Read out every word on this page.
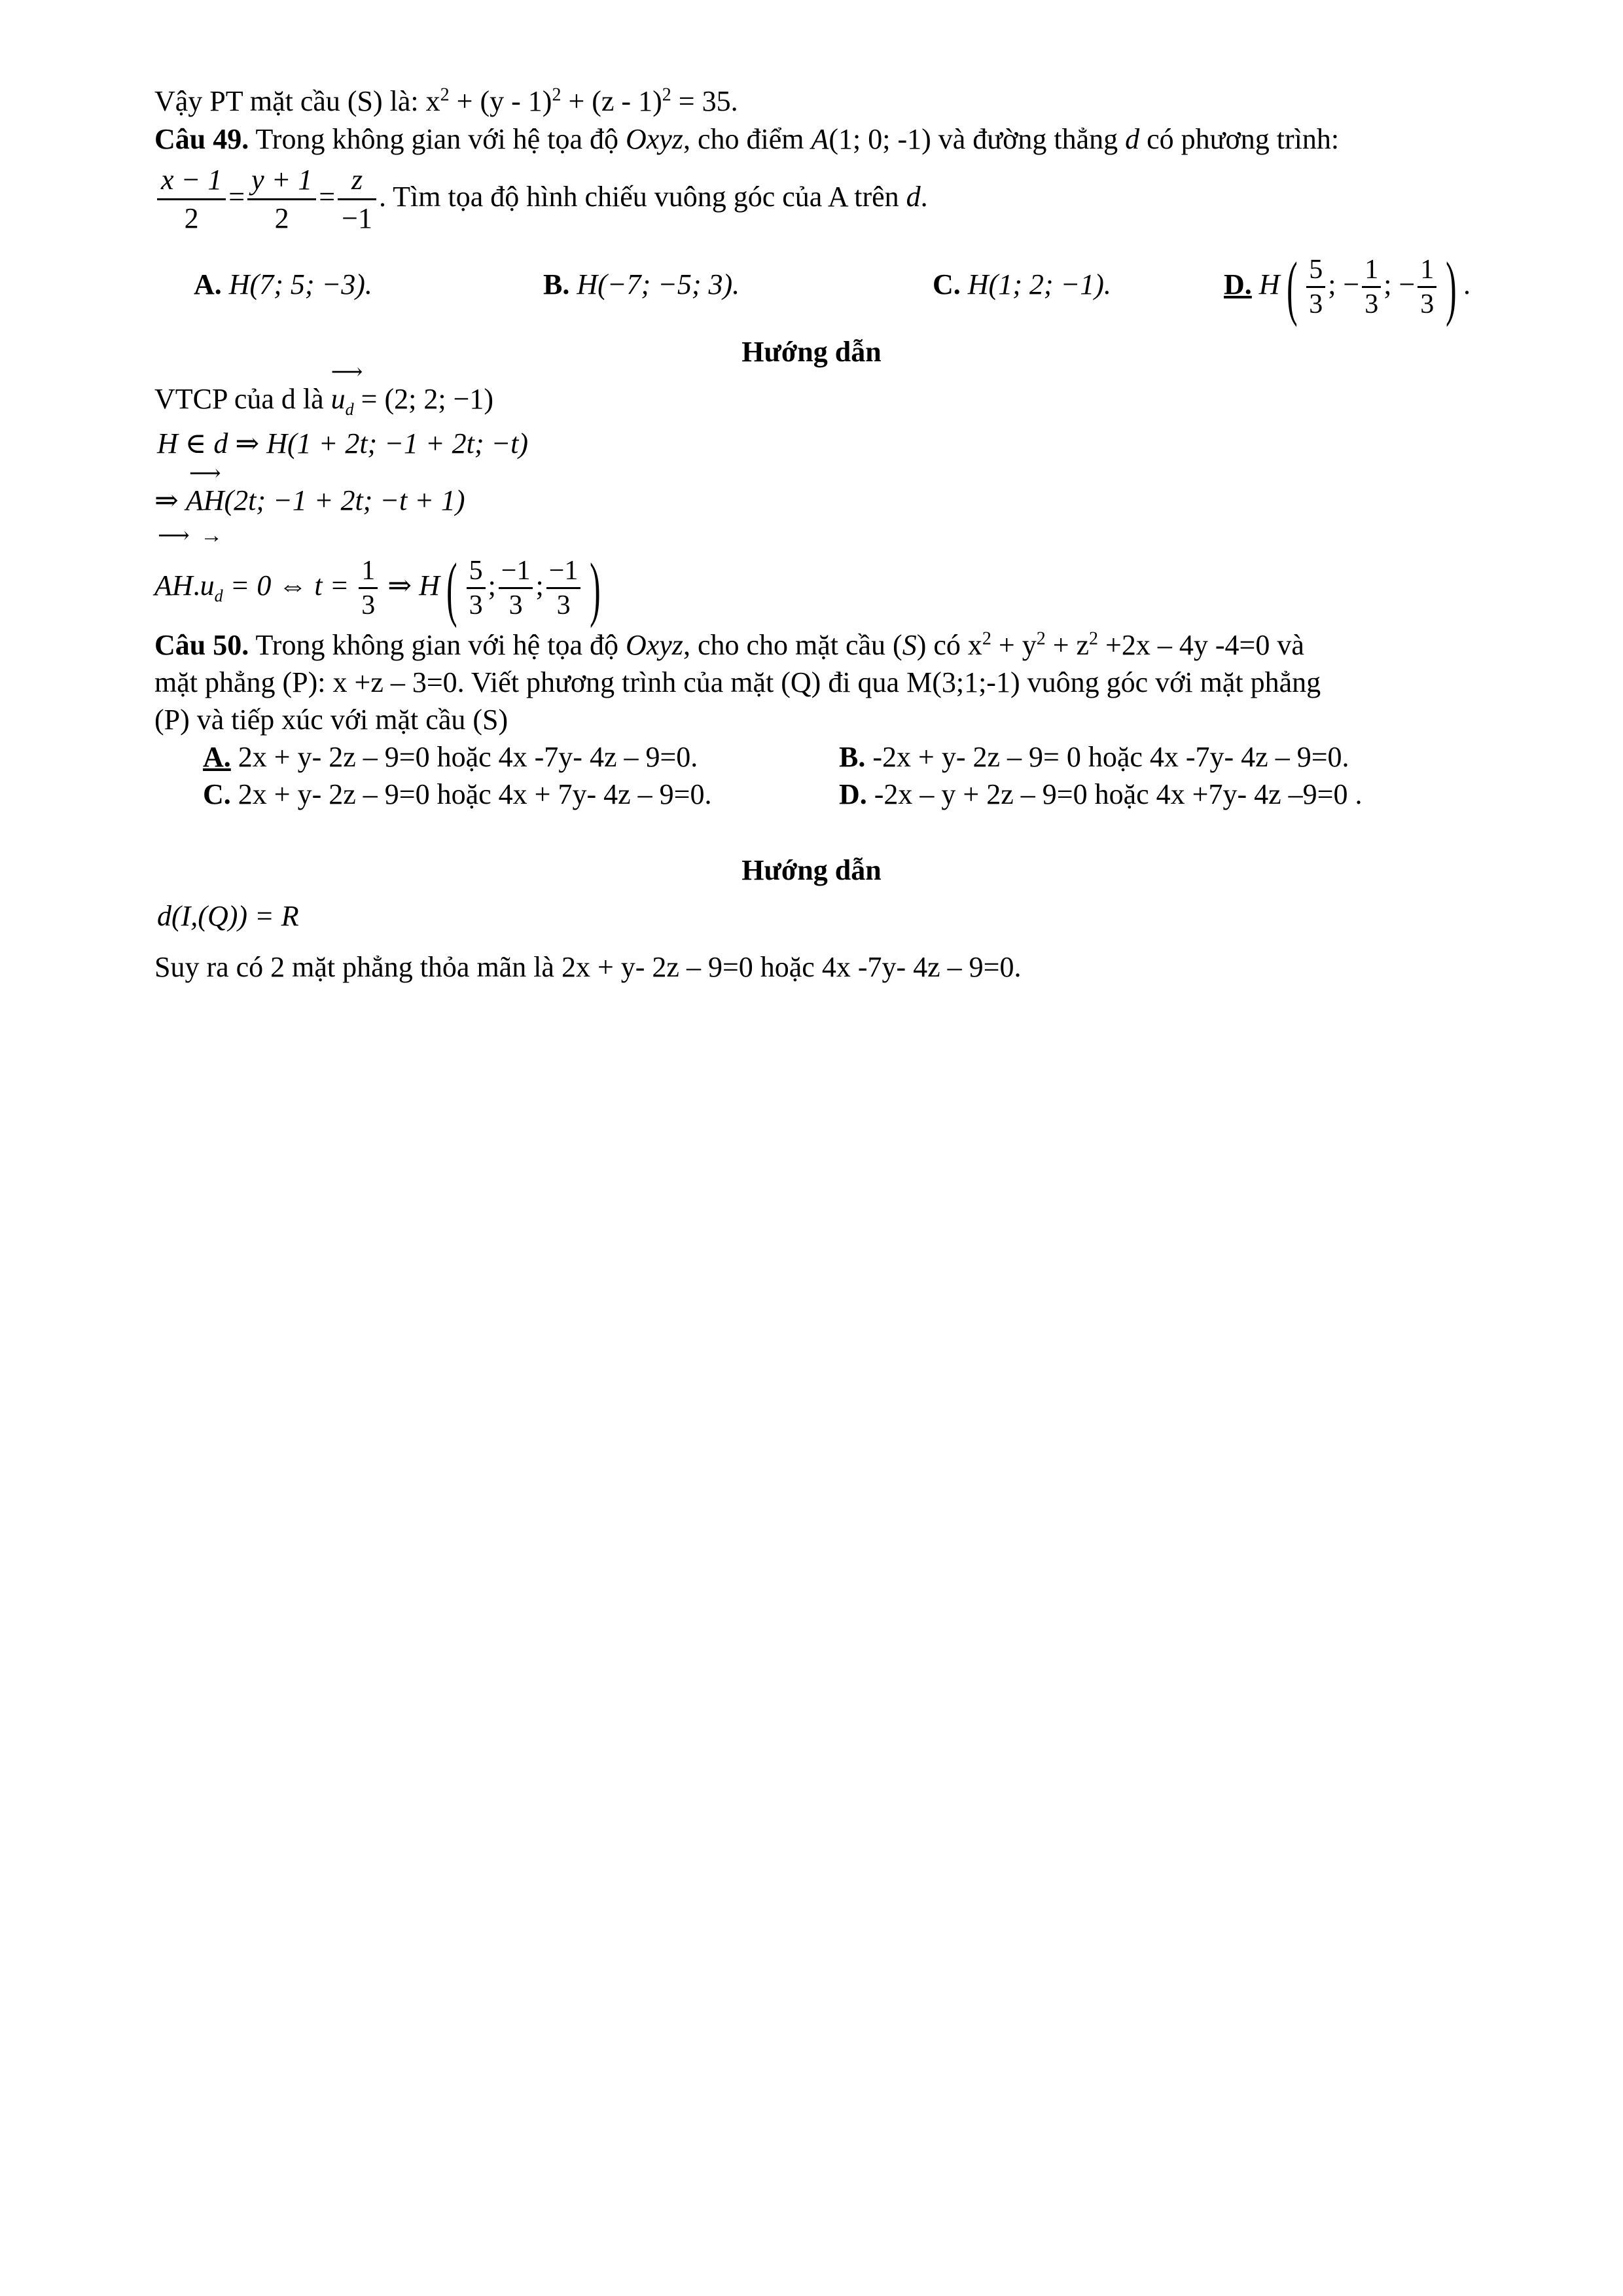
Vậy PT mặt cầu (S) là: $x^2 + (y - 1)^2 + (z - 1)^2 = 35$.
Câu 49. Trong không gian với hệ tọa độ Oxyz, cho điểm A(1; 0; -1) và đường thẳng d có phương trình:
$\frac{x - 1}{2} = \frac{y + 1}{2} = \frac{z}{-1}$ . Tìm tọa độ hình chiếu vuông góc của A trên d.
A. H(7; 5; −3).	B. H(−7; −5; 3).	C. H(1; 2; −1).	D. $H( \frac{5}{3}$ ; − $\frac{1}{3}$ ; − $\frac{1}{3}$ ) .
Hướng dẫn
VTCP của d là
⟶
$u_d = (2$; 2; −1)
H ∈ d ⇒ H(1 + 2t; −1 + 2t; −t)
⇒
⟶
AH(2t; −1 + 2t; −t + 1)
⟶
AH.
→
$u_d = 0$ ⇔ $t = \frac{1}{3}$ ⇒ $H( \frac{5}{3}$ ; $\frac{-1}{3}$ ; $\frac{-1}{3}$ )
Câu 50. Trong không gian với hệ tọa độ Oxyz, cho cho mặt cầu (S) có $x^2 + y^2 + z^2 +2x - 4y$ -4=0 và
mặt phẳng (P): x +z – 3=0. Viết phương trình của mặt (Q) đi qua M(3;1;-1) vuông góc với mặt phẳng
(P) và tiếp xúc với mặt cầu (S)
A. 2x + y- 2z – 9=0 hoặc 4x -7y- 4z – 9=0.	B. -2x + y- 2z – 9= 0 hoặc 4x -7y- 4z – 9=0.
C. 2x + y- 2z – 9=0 hoặc 4x + 7y- 4z – 9=0.	D. -2x – y + 2z – 9=0 hoặc 4x +7y- 4z –9=0 .
Hướng dẫn
d(I,(Q)) = R
Suy ra có 2 mặt phẳng thỏa mãn là 2x + y- 2z – 9=0 hoặc 4x -7y- 4z – 9=0.
